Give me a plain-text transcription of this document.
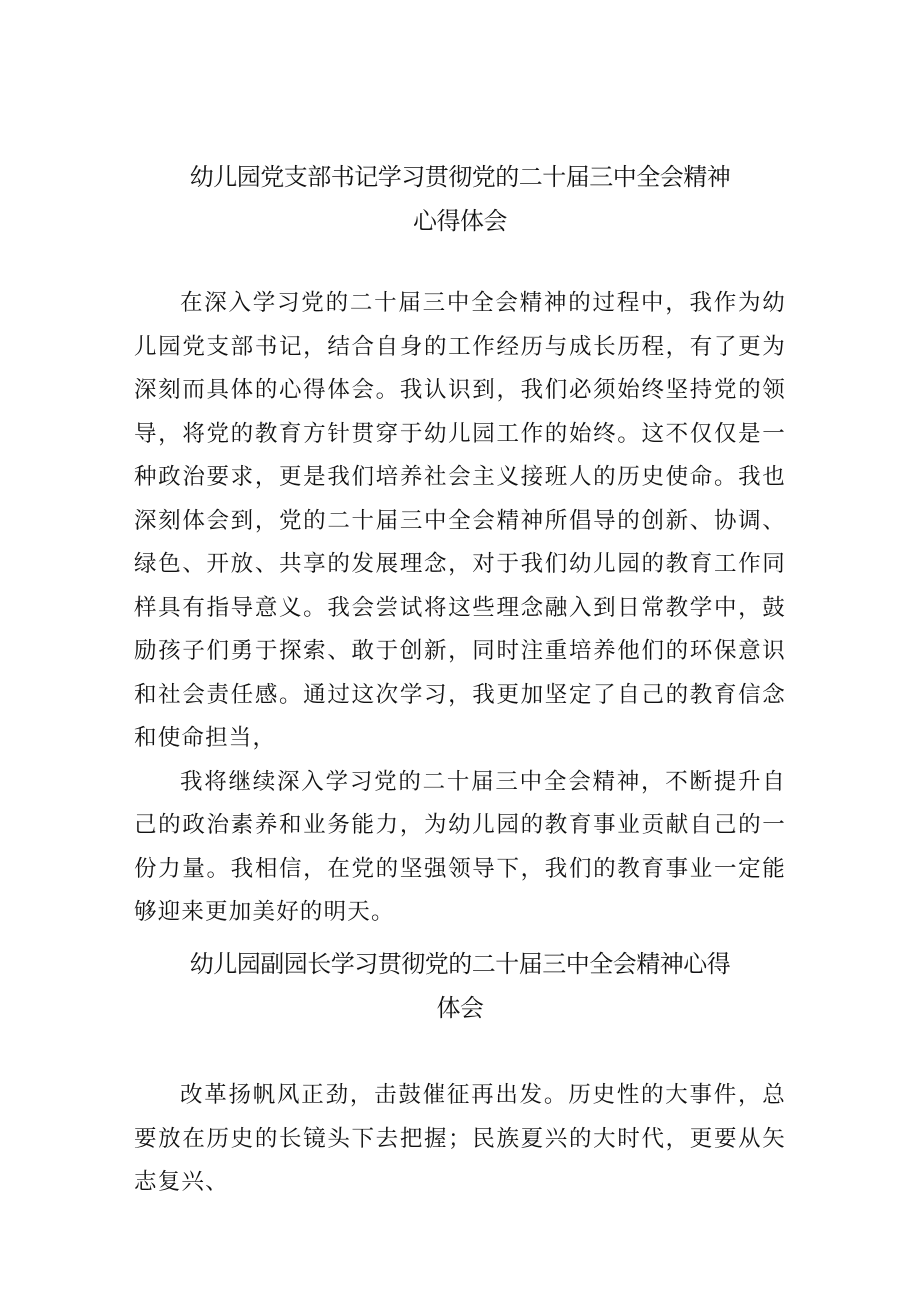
幼儿园党支部书记学习贯彻党的二十届三中全会精神
心得体会

在深入学习党的二十届三中全会精神的过程中，我作为幼儿园党支部书记，结合自身的工作经历与成长历程，有了更为深刻而具体的心得体会。我认识到，我们必须始终坚持党的领导，将党的教育方针贯穿于幼儿园工作的始终。这不仅仅是一种政治要求，更是我们培养社会主义接班人的历史使命。我也深刻体会到，党的二十届三中全会精神所倡导的创新、协调、绿色、开放、共享的发展理念，对于我们幼儿园的教育工作同样具有指导意义。我会尝试将这些理念融入到日常教学中，鼓励孩子们勇于探索、敢于创新，同时注重培养他们的环保意识和社会责任感。通过这次学习，我更加坚定了自己的教育信念和使命担当，

我将继续深入学习党的二十届三中全会精神，不断提升自己的政治素养和业务能力，为幼儿园的教育事业贡献自己的一份力量。我相信，在党的坚强领导下，我们的教育事业一定能够迎来更加美好的明天。

幼儿园副园长学习贯彻党的二十届三中全会精神心得
体会

改革扬帆风正劲，击鼓催征再出发。历史性的大事件，总要放在历史的长镜头下去把握；民族夏兴的大时代，更要从矢志复兴、
